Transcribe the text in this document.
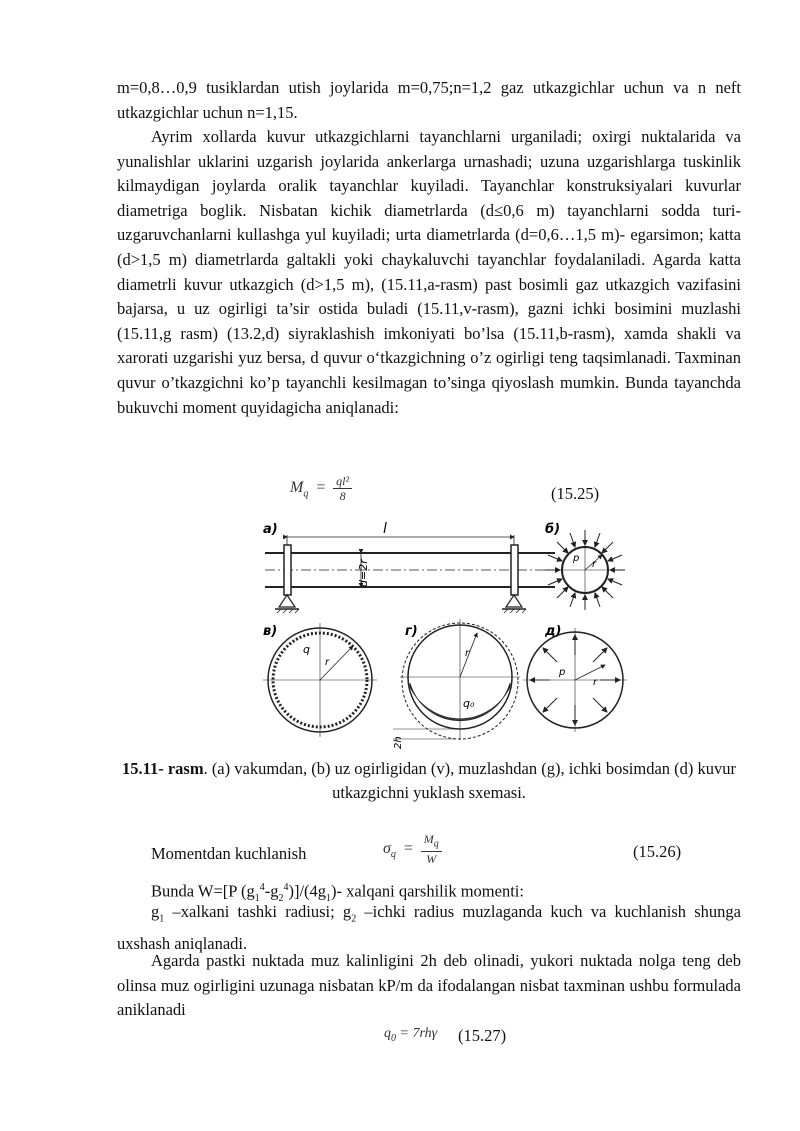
m=0,8…0,9 tusiklardan utish joylarida m=0,75;n=1,2 gaz utkazgichlar uchun va n neft utkazgichlar uchun n=1,15.

Ayrim xollarda kuvur utkazgichlarni tayanchlarni urganiladi; oxirgi nuktalarida va yunalishlar uklarini uzgarish joylarida ankerlarga urnashadi; uzuna uzgarishlarga tuskinlik kilmaydigan joylarda oralik tayanchlar kuyiladi. Tayanchlar konstruksiyalari kuvurlar diametriga boglik. Nisbatan kichik diametrlarda (d≤0,6 m) tayanchlarni sodda turi- uzgaruvchanlarni kullashga yul kuyiladi; urta diametrlarda (d=0,6…1,5 m)- egarsimon; katta (d>1,5 m) diametrlarda galtakli yoki chaykaluvchi tayanchlar foydalaniladi. Agarda katta diametrli kuvur utkazgich (d>1,5 m), (15.11,a-rasm) past bosimli gaz utkazgich vazifasini bajarsa, u uz ogirligi ta’sir ostida buladi (15.11,v-rasm), gazni ichki bosimini muzlashi (15.11,g rasm) (13.2,d) siyraklashish imkoniyati bo’lsa (15.11,b-rasm), xamda shakli va xarorati uzgarishi yuz bersa, d quvur o‘tkazgichning o’z ogirligi teng taqsimlanadi. Taxminan quvur o’tkazgichni ko’p tayanchli kesilmagan to’singa qiyoslash mumkin. Bunda tayanchda bukuvchi moment quyidagicha aniqlanadi:

$M_q = \frac{\text{ql²}}{8}$	(15.25)
a)	l
d=2r
б)
p
r
в)
q
r
г)
r
q₀
2h
д)
p
r
15.11- rasm. (a) vakumdan, (b) uz ogirligidan (v), muzlashdan (g), ichki bosimdan (d) kuvur utkazgichni yuklash sxemasi.
Momentdan kuchlanish	$\sigma_q = \frac{M_q}{W}$	(15.26)

Bunda W=[P $(g_1^4-g_2^4)]/(4g_1)-$ xalqani qarshilik momenti:

$g_1$ –xalkani tashki radiusi; $g_2$ –ichki radius muzlaganda kuch va kuchlanish shunga uxshash aniqlanadi.

Agarda pastki nuktada muz kalinligini 2h deb olinadi, yukori nuktada nolga teng deb olinsa muz ogirligini uzunaga nisbatan kP/m da ifodalangan nisbat taxminan ushbu formulada aniklanadi

$q_0 = 7rh\gamma$ (15.27)
